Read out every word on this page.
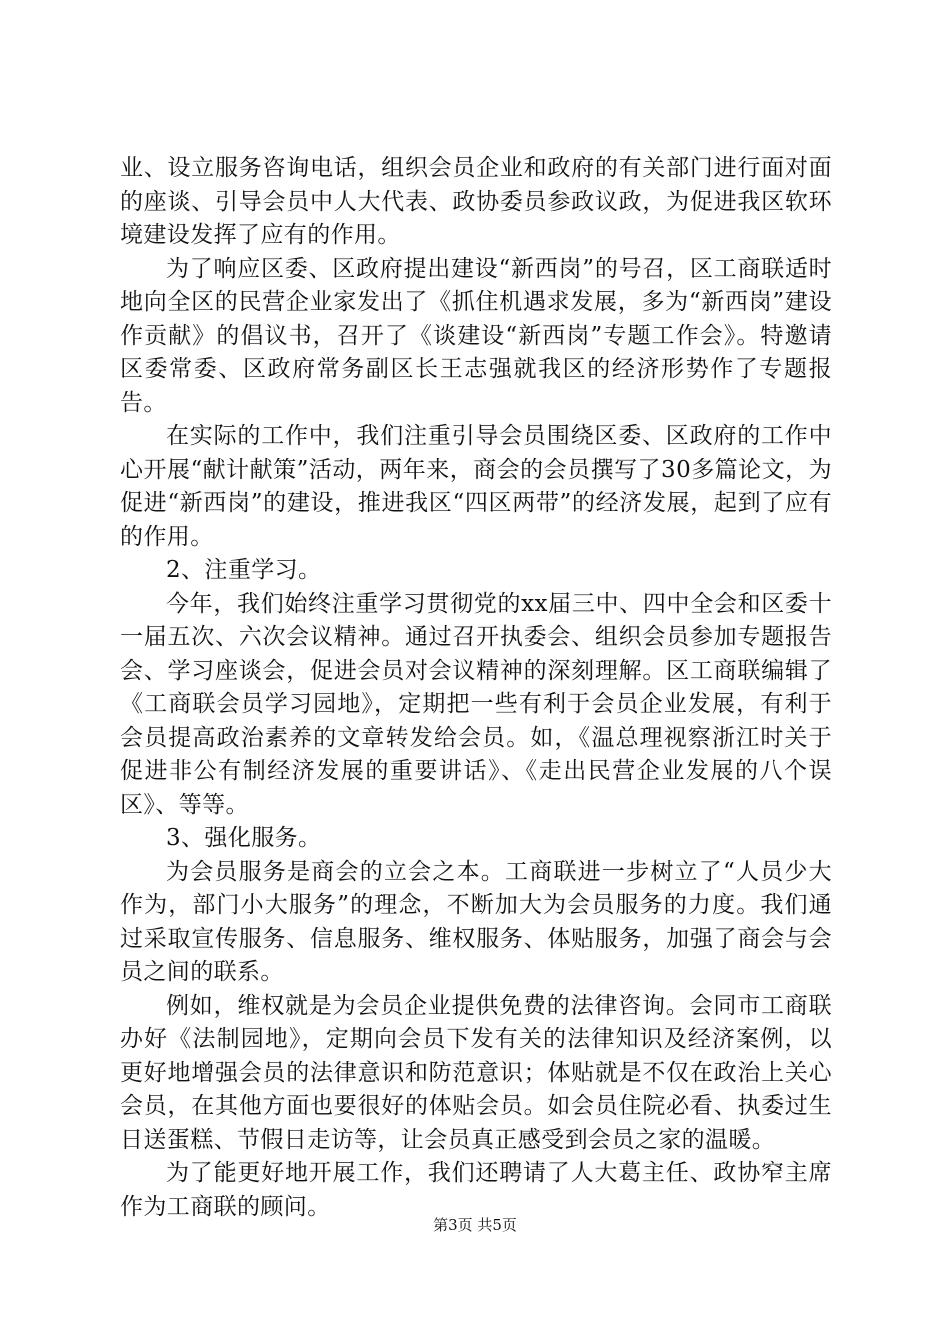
业、设立服务咨询电话，组织会员企业和政府的有关部门进行面对面的座谈、引导会员中人大代表、政协委员参政议政，为促进我区软环境建设发挥了应有的作用。

为了响应区委、区政府提出建设“新西岗”的号召，区工商联适时地向全区的民营企业家发出了《抓住机遇求发展，多为“新西岗”建设作贡献》的倡议书，召开了《谈建设“新西岗”专题工作会》。特邀请区委常委、区政府常务副区长王志强就我区的经济形势作了专题报告。

在实际的工作中，我们注重引导会员围绕区委、区政府的工作中心开展“献计献策”活动，两年来，商会的会员撰写了30多篇论文，为促进“新西岗”的建设，推进我区“四区两带”的经济发展，起到了应有的作用。

2、注重学习。

今年，我们始终注重学习贯彻党的xx届三中、四中全会和区委十一届五次、六次会议精神。通过召开执委会、组织会员参加专题报告会、学习座谈会，促进会员对会议精神的深刻理解。区工商联编辑了《工商联会员学习园地》，定期把一些有利于会员企业发展，有利于会员提高政治素养的文章转发给会员。如，《温总理视察浙江时关于促进非公有制经济发展的重要讲话》、《走出民营企业发展的八个误区》、等等。

3、强化服务。

为会员服务是商会的立会之本。工商联进一步树立了“人员少大作为，部门小大服务”的理念，不断加大为会员服务的力度。我们通过采取宣传服务、信息服务、维权服务、体贴服务，加强了商会与会员之间的联系。

例如，维权就是为会员企业提供免费的法律咨询。会同市工商联办好《法制园地》，定期向会员下发有关的法律知识及经济案例，以更好地增强会员的法律意识和防范意识；体贴就是不仅在政治上关心会员，在其他方面也要很好的体贴会员。如会员住院必看、执委过生日送蛋糕、节假日走访等，让会员真正感受到会员之家的温暖。

为了能更好地开展工作，我们还聘请了人大葛主任、政协窄主席作为工商联的顾问。

第3页 共5页
